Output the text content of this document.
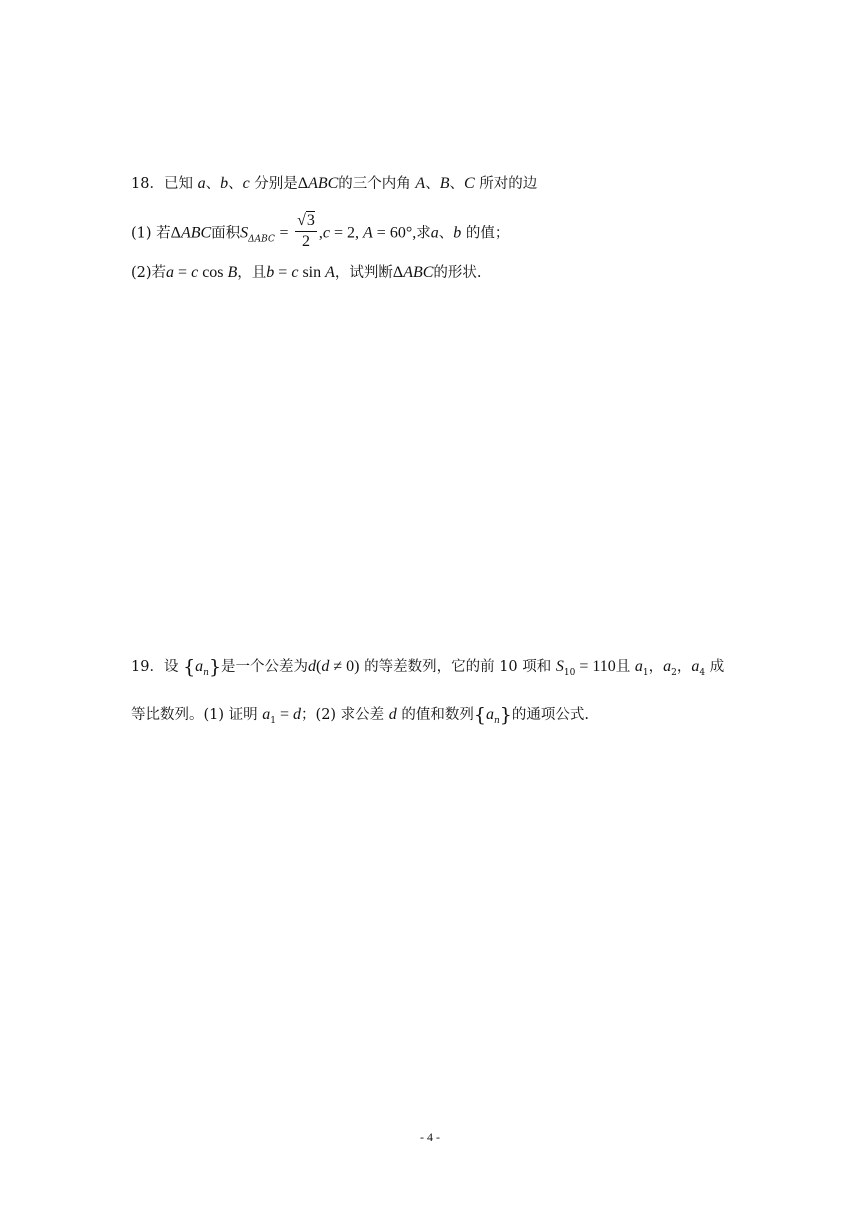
18．已知 a、b、c 分别是ΔABC的三个内角 A、B、C 所对的边
(1) 若ΔABC面积$S_{\Delta ABC} = \frac{√3}{2} ,c = 2$, A = 60°,求a、b 的值；
(2)若a = c cos B，且b = c sin A，试判断ΔABC的形状.
19．设 $\{a_n\}$是一个公差为d(d ≠ 0) 的等差数列，它的前 10 项和 $S_{10} = 110$且 $a_1$，$a_2$，$a_4$ 成
等比数列。(1) 证明 $a_1 = d$；(2) 求公差 d 的值和数列$\{a_n\}$的通项公式.
- 4 -
